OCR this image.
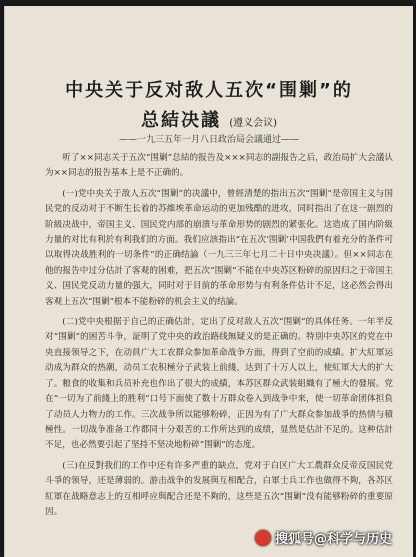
中央关于反对敌人五次“围剿”的
总結决議 (遵义会议)
——一九三五年一月八日政治局会議通过——

听了××同志关于五次“围剿”总結的报告及×××同志的副报告之后，政治局扩大会議认为××同志的报告基本上是不正确的。

(一)党中央关于敌人五次“围剿”的决議中，曾經清楚的指出五次“围剿”是帝国主义与国民党的反动对于不断生长着的苏維埃革命运动的更加残酷的进攻，同时指出了在这一剧烈的阶級决战中，帝国主义、国民党内部的崩溃与革命形势的剧烈的紧张化。这造成了国内阶級力量的对比有利於有利我们的方面。我们应該指出“在五次‘围剿’中国我們有着充分的条件可以取得决战胜利的一切条件”的正确结論（一九三三年七月二十日中央决議）。但××同志在他的报告中过分估計了客观的困难，把五次“围剿”不能在中央苏区粉碎的原因归之于帝国主义、国民党反动力量的强大，同时对于目前的革命形势与有利条件估计不足，这必然会得出客观上五次“围剿”根本不能粉碎的机会主义的结論。

(二)党中央根据于自己的正确估計，定出了反对敌人五次“围剿”的具体任务。一年半反对“围剿”的困苦斗争，証明了党中央的政治路线無疑义的是正确的。特別中央苏区的党在中央直接领导之下，在动員广大工农群众参加革命战争方面，得到了空前的成績。扩大紅軍运动成为群众的热潮，动员工农积極分子武装上前綫，达到了十万人以上，使紅軍大大的扩大了。粮食的收集和兵员补充也作出了很大的成績，本苏区群众武装組織有了極大的發展。党在“一切为了前綫上的胜利”口号下面使了数十万群众卷入到战争中来，使一切革命团体担負了动员人力物力的工作。三次战争所以能够粉碎，正因为有了广大群众参加战爭的热情与積極性。一切战争准备工作都同十分艰苦的工作所达到的成绩，显然是估計不足的。这种估計不足，也必然要引起了坚持不坚决地粉碎“围剿”的态度。

(三)在反對我们的工作中还有许多严重的缺点，党对于白区广大工農群众反帝反国民党斗爭的领导，还是薄弱的。游击战争的发展與互相配合，白軍士兵工作也做得不夠，各苏区紅軍在战略意志上的互相呼应與配合还是不夠的，这些是五次“围剿”没有能够粉碎的重要原因。

搜狐号@科学与历史
